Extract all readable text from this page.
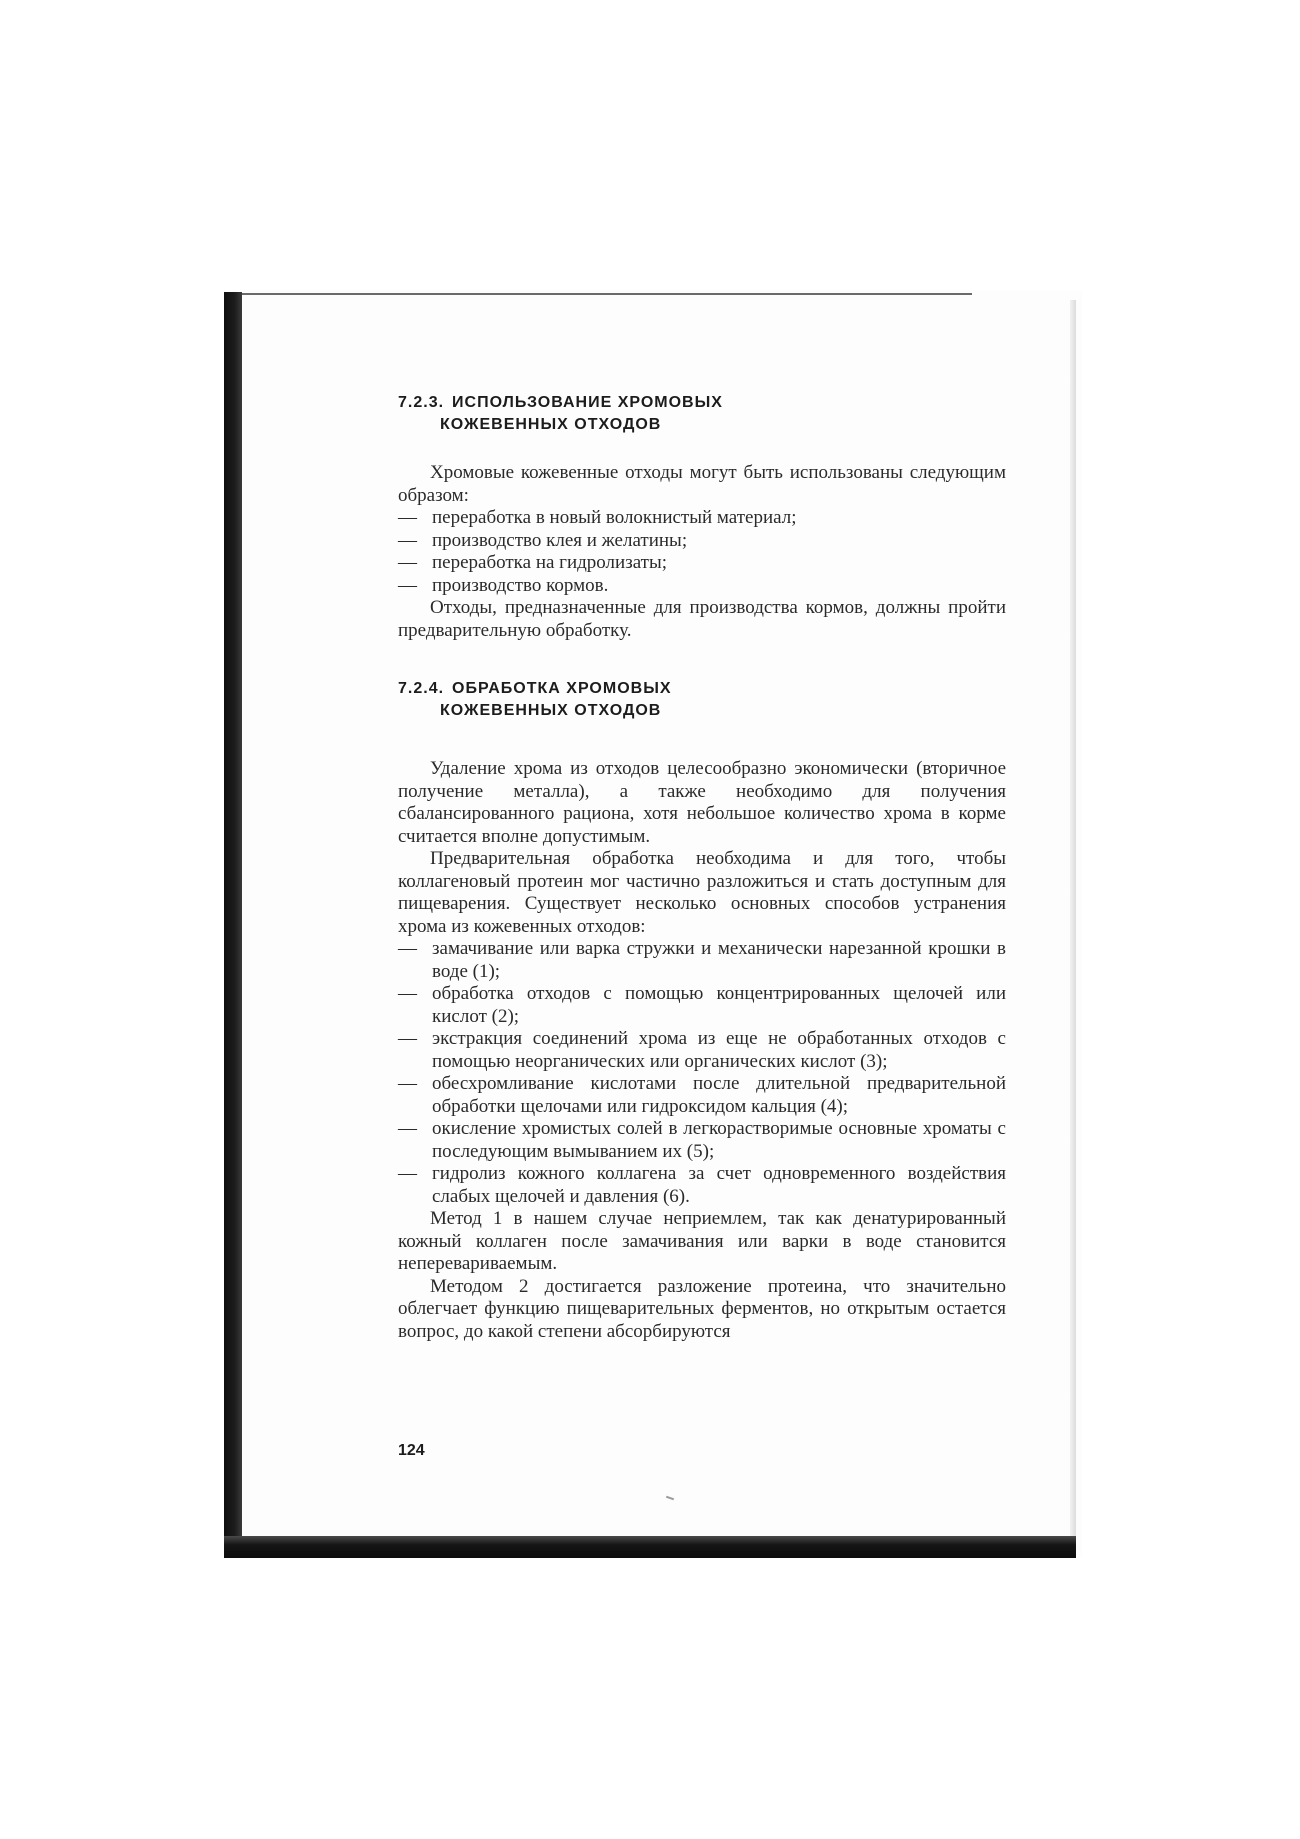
7.2.3. ИСПОЛЬЗОВАНИЕ ХРОМОВЫХ
КОЖЕВЕННЫХ ОТХОДОВ

Хромовые кожевенные отходы могут быть использованы следующим образом:

— переработка в новый волокнистый материал;
— производство клея и желатины;
— переработка на гидролизаты;
— производство кормов.

Отходы, предназначенные для производства кормов, должны пройти предварительную обработку.

7.2.4. ОБРАБОТКА ХРОМОВЫХ
КОЖЕВЕННЫХ ОТХОДОВ

Удаление хрома из отходов целесообразно экономически (вторичное получение металла), а также необходимо для получения сбалансированного рациона, хотя небольшое количество хрома в корме считается вполне допустимым.

Предварительная обработка необходима и для того, чтобы коллагеновый протеин мог частично разложиться и стать доступным для пищеварения. Существует несколько основных способов устранения хрома из кожевенных отходов:

— замачивание или варка стружки и механически нарезанной крошки в воде (1);
— обработка отходов с помощью концентрированных щелочей или кислот (2);
— экстракция соединений хрома из еще не обработанных отходов с помощью неорганических или органических кислот (3);
— обесхромливание кислотами после длительной предварительной обработки щелочами или гидроксидом кальция (4);
— окисление хромистых солей в легкорастворимые основные хроматы с последующим вымыванием их (5);
— гидролиз кожного коллагена за счет одновременного воздействия слабых щелочей и давления (6).

Метод 1 в нашем случае неприемлем, так как денатурированный кожный коллаген после замачивания или варки в воде становится неперевариваемым.

Методом 2 достигается разложение протеина, что значительно облегчает функцию пищеварительных ферментов, но открытым остается вопрос, до какой степени абсорбируются

124
